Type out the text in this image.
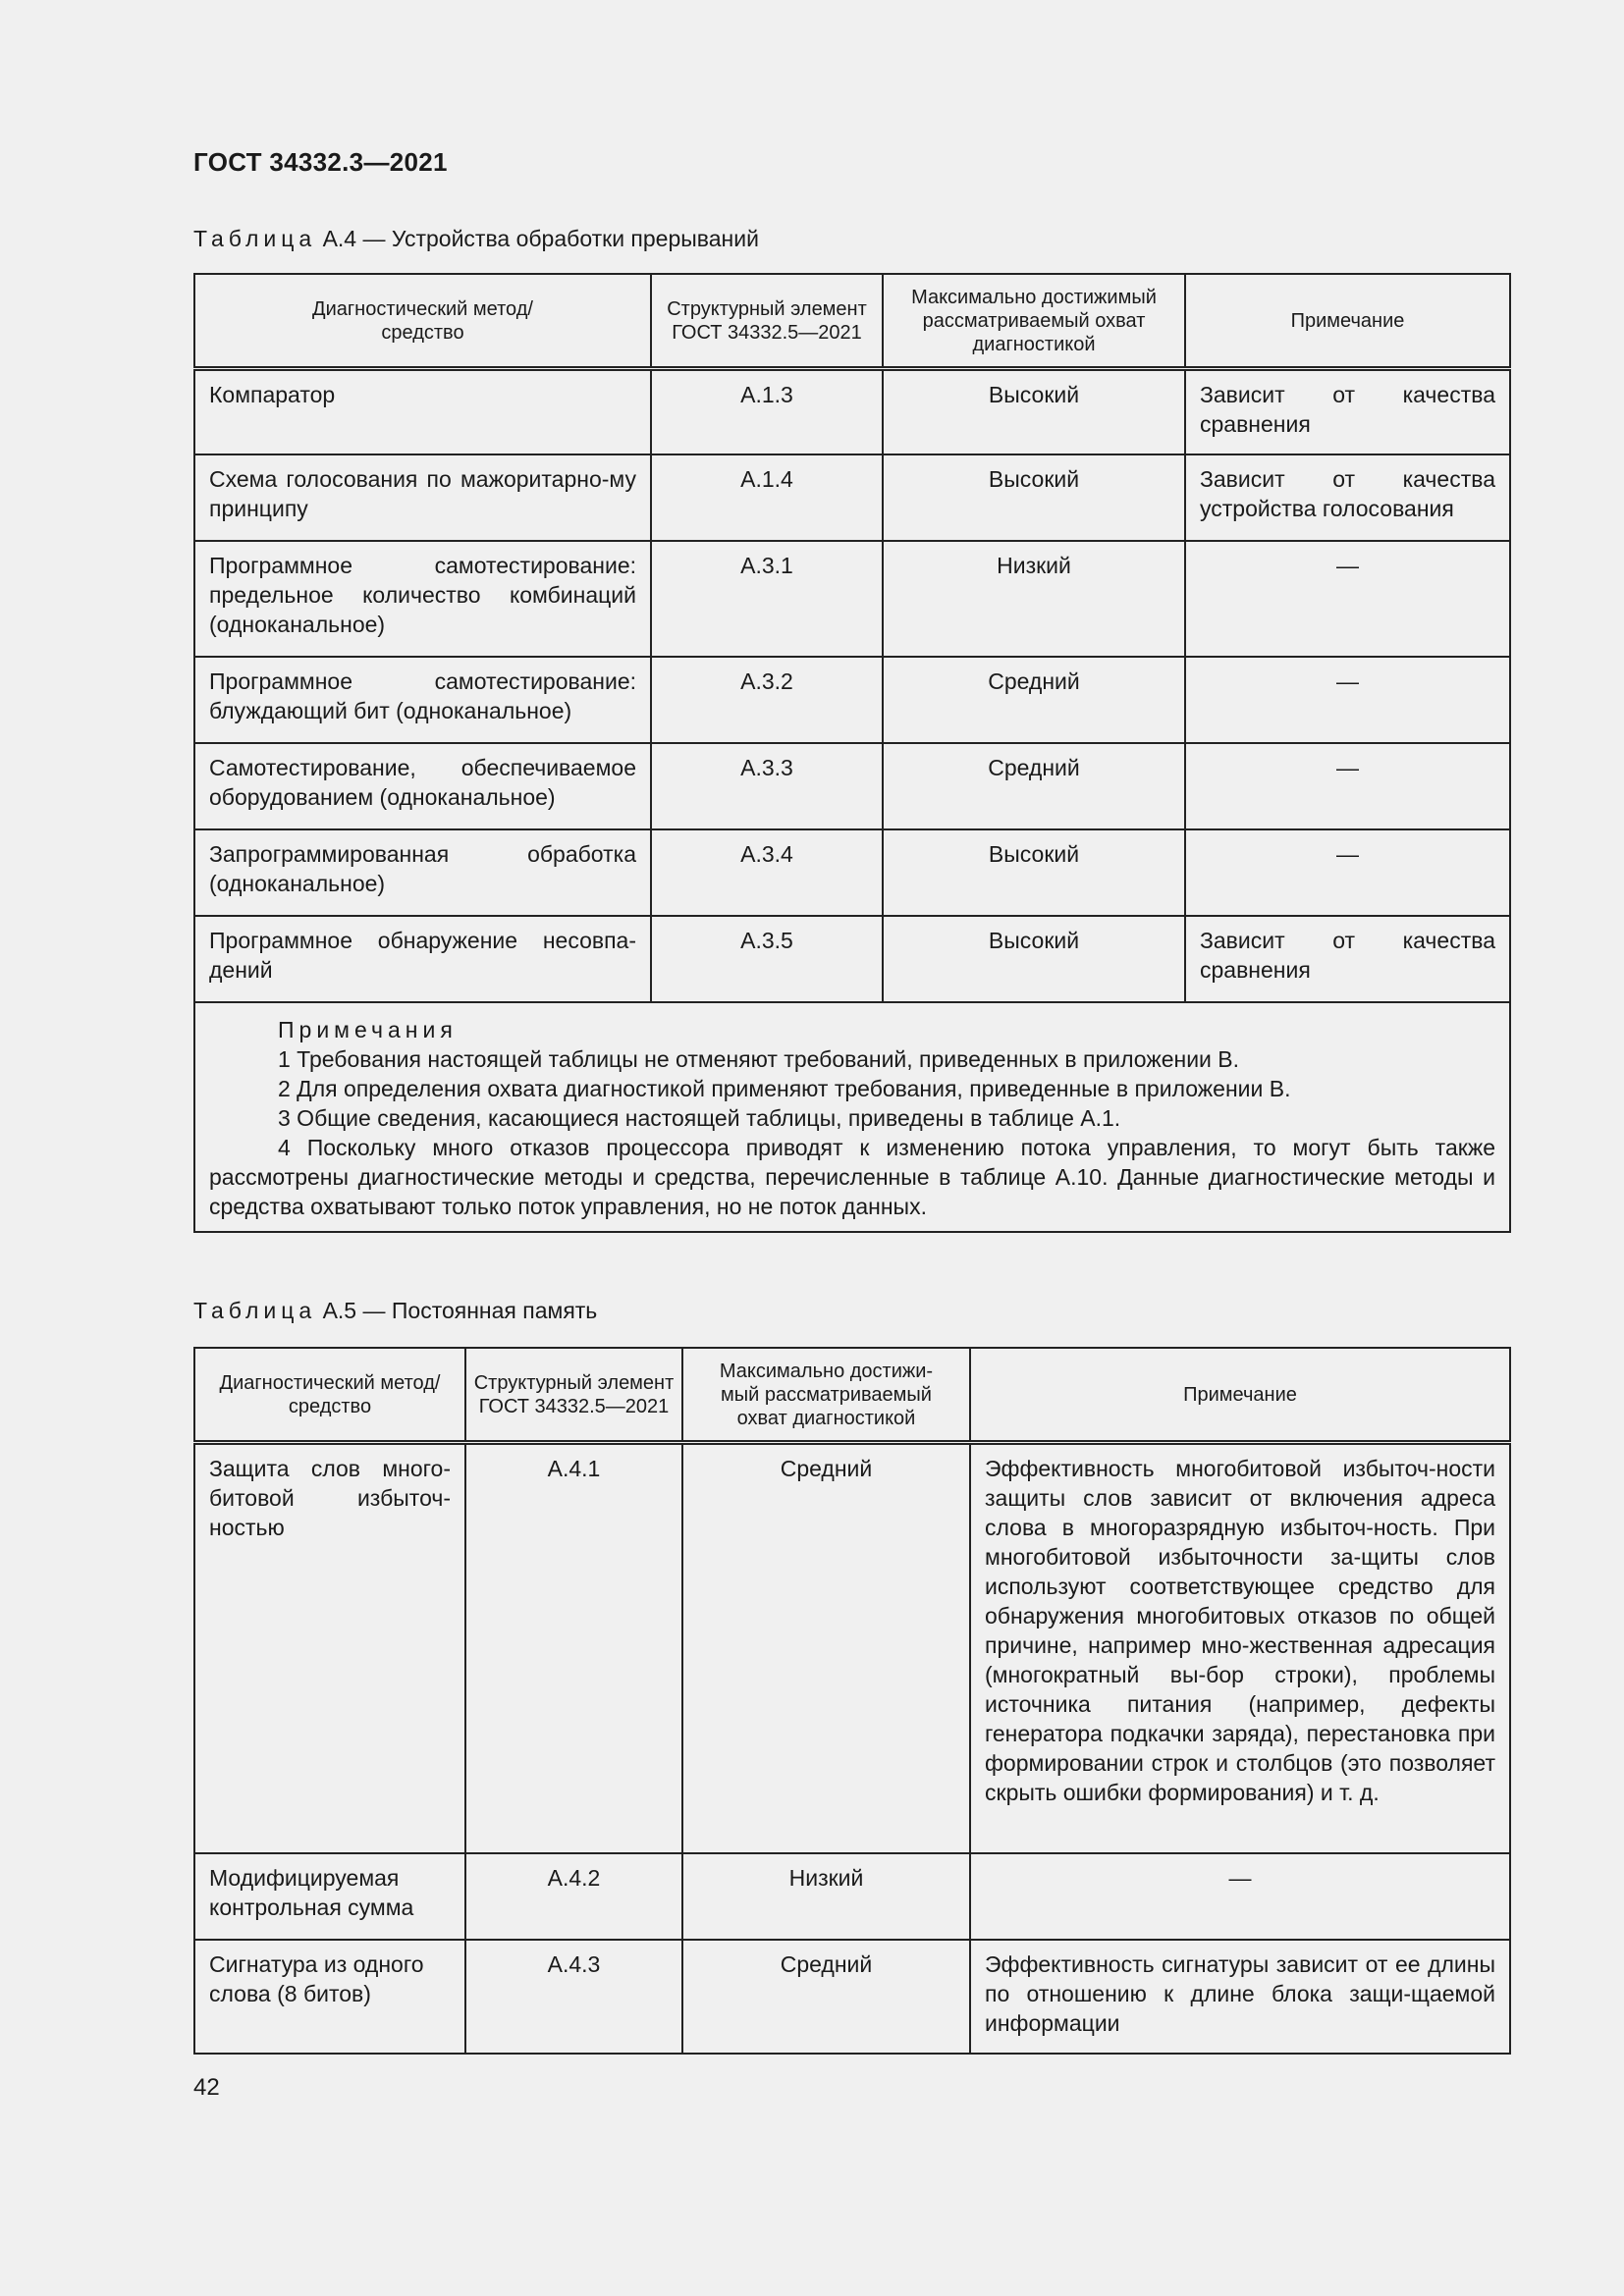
ГОСТ 34332.3—2021
Таблица А.4 — Устройства обработки прерываний
Диагностический метод/средство	Структурный элемент ГОСТ 34332.5—2021	Максимально достижимый рассматриваемый охват диагностикой	Примечание

Компаратор	A.1.3	Высокий	Зависит от качества сравнения

Схема голосования по мажоритарно-му принципу	A.1.4	Высокий	Зависит от качества устройства голосования

Программное самотестирование: предельное количество комбинаций (одноканальное)	A.3.1	Низкий	—

Программное самотестирование: блуждающий бит (одноканальное)	A.3.2	Средний	—

Самотестирование, обеспечиваемое оборудованием (одноканальное)	A.3.3	Средний	—

Запрограммированная обработка (одноканальное)	A.3.4	Высокий	—

Программное обнаружение несовпа-дений	A.3.5	Высокий	Зависит от качества сравнения

Примечания
1 Требования настоящей таблицы не отменяют требований, приведенных в приложении В.
2 Для определения охвата диагностикой применяют требования, приведенные в приложении В.
3 Общие сведения, касающиеся настоящей таблицы, приведены в таблице А.1.
4 Поскольку много отказов процессора приводят к изменению потока управления, то могут быть также рассмотрены диагностические методы и средства, перечисленные в таблице А.10. Данные диагностические методы и средства охватывают только поток управления, но не поток данных.			
Таблица А.5 — Постоянная память
Диагностический метод/средство	Структурный элемент ГОСТ 34332.5—2021	Максимально достижи-мый рассматриваемый охват диагностикой	Примечание

Защита слов много-битовой избыточ-ностью	A.4.1	Средний	Эффективность многобитовой избыточ-ности защиты слов зависит от включения адреса слова в многоразрядную избыточ-ность. При многобитовой избыточности за-щиты слов используют соответствующее средство для обнаружения многобитовых отказов по общей причине, например мно-жественная адресация (многократный вы-бор строки), проблемы источника питания (например, дефекты генератора подкачки заряда), перестановка при формировании строк и столбцов (это позволяет скрыть ошибки формирования) и т. д.

Модифицируемая контрольная сумма	A.4.2	Низкий	—

Сигнатура из одного слова (8 битов)	A.4.3	Средний	Эффективность сигнатуры зависит от ее длины по отношению к длине блока защи-щаемой информации
42
